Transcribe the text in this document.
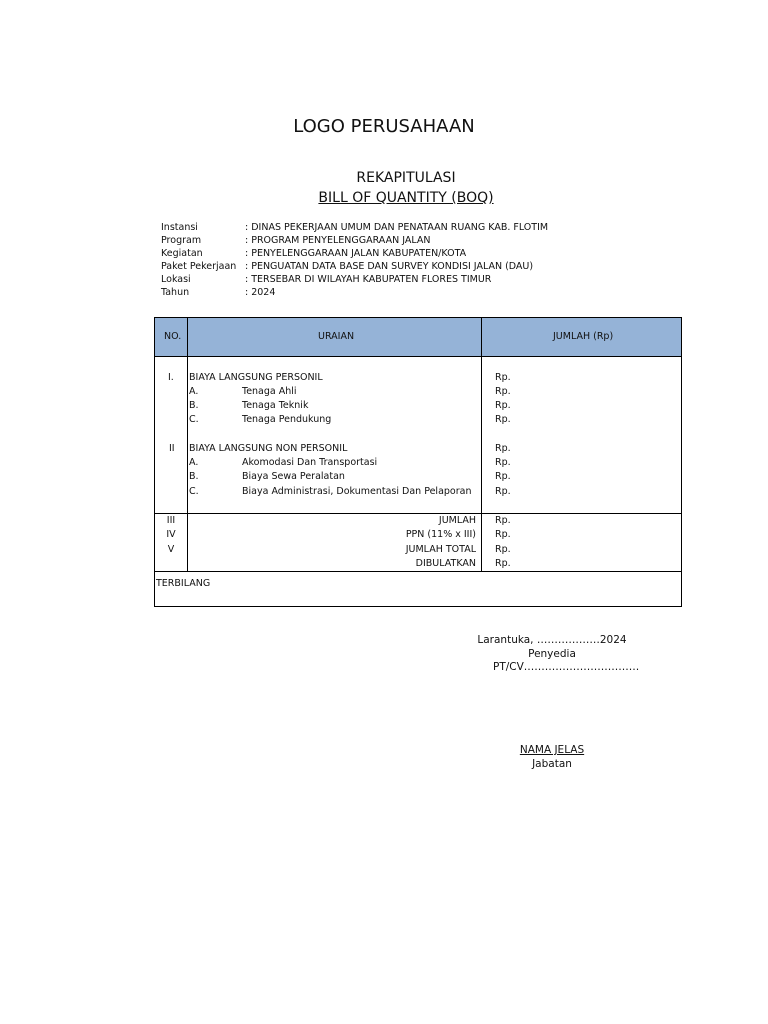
LOGO PERUSAHAAN
REKAPITULASI
BILL OF QUANTITY (BOQ)
Instansi	: DINAS PEKERJAAN UMUM DAN PENATAAN RUANG KAB. FLOTIM
Program	: PROGRAM PENYELENGGARAAN JALAN
Kegiatan	: PENYELENGGARAAN JALAN KABUPATEN/KOTA
Paket Pekerjaan : PENGUATAN DATA BASE DAN SURVEY KONDISI JALAN (DAU)
Lokasi	: TERSEBAR DI WILAYAH KABUPATEN FLORES TIMUR
Tahun	: 2024
NO.	URAIAN	JUMLAH (Rp)
I. BIAYA LANGSUNG PERSONIL	Rp.
A.	Tenaga Ahli	Rp.
B.	Tenaga Teknik	Rp.
C.	Tenaga Pendukung	Rp.
II BIAYA LANGSUNG NON PERSONIL	Rp.
A.	Akomodasi Dan Transportasi	Rp.
B.	Biaya Sewa Peralatan	Rp.
C.	Biaya Administrasi, Dokumentasi Dan Pelaporan Rp.
III	JUMLAH Rp.
IV	PPN (11% x III) Rp.
V	JUMLAH TOTAL Rp.
DIBULATKAN Rp.
TERBILANG
Larantuka, ………………2024
Penyedia
PT/CV……………………………
NAMA JELAS
Jabatan
